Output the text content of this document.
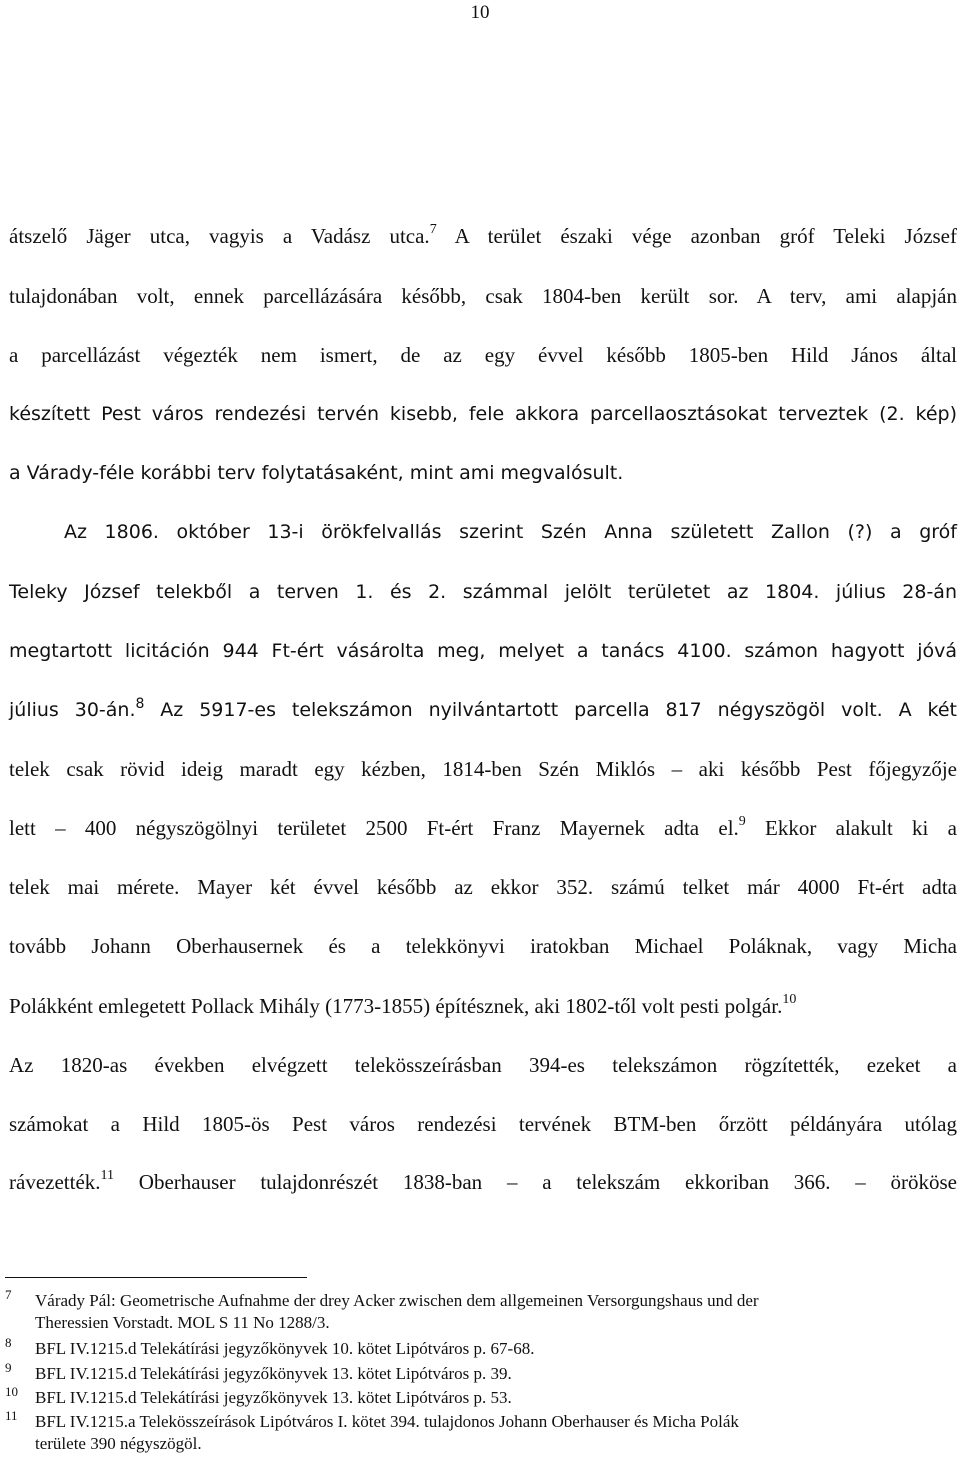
10
átszelő Jäger utca, vagyis a Vadász utca.$^7$ A terület északi vége azonban gróf Teleki József
tulajdonában volt, ennek parcellázására később, csak 1804-ben került sor. A terv, ami alapján
a parcellázást végezték nem ismert, de az egy évvel később 1805-ben Hild János által
készített Pest város rendezési tervén kisebb, fele akkora parcellaosztásokat terveztek (2. kép)
a Várady-féle korábbi terv folytatásaként, mint ami megvalósult.
Az 1806. október 13-i örökfelvallás szerint Szén Anna született Zallon (?) a gróf
Teleky József telekből a terven 1. és 2. számmal jelölt területet az 1804. július 28-án
megtartott licitáción 944 Ft-ért vásárolta meg, melyet a tanács 4100. számon hagyott jóvá
július 30-án.$^8$ Az 5917-es telekszámon nyilvántartott parcella 817 négyszögöl volt. A két
telek csak rövid ideig maradt egy kézben, 1814-ben Szén Miklós – aki később Pest főjegyzője
lett – 400 négyszögölnyi területet 2500 Ft-ért Franz Mayernek adta el.$^9$ Ekkor alakult ki a
telek mai mérete. Mayer két évvel később az ekkor 352. számú telket már 4000 Ft-ért adta
tovább Johann Oberhausernek és a telekkönyvi iratokban Michael Poláknak, vagy Micha
Polákként emlegetett Pollack Mihály (1773-1855) építésznek, aki 1802-től volt pesti polgár.$^{10}$
Az 1820-as években elvégzett telekösszeírásban 394-es telekszámon rögzítették, ezeket a
számokat a Hild 1805-ös Pest város rendezési tervének BTM-ben őrzött példányára utólag
rávezették.$^{11}$ Oberhauser tulajdonrészét 1838-ban – a telekszám ekkoriban 366. – örököse
7 Várady Pál: Geometrische Aufnahme der drey Acker zwischen dem allgemeinen Versorgungshaus und der
Theressien Vorstadt. MOL S 11 No 1288/3.
8 BFL IV.1215.d Telekátírási jegyzőkönyvek 10. kötet Lipótváros p. 67-68.
9 BFL IV.1215.d Telekátírási jegyzőkönyvek 13. kötet Lipótváros p. 39.
10 BFL IV.1215.d Telekátírási jegyzőkönyvek 13. kötet Lipótváros p. 53.
11 BFL IV.1215.a Telekösszeírások Lipótváros I. kötet 394. tulajdonos Johann Oberhauser és Micha Polák
területe 390 négyszögöl.
